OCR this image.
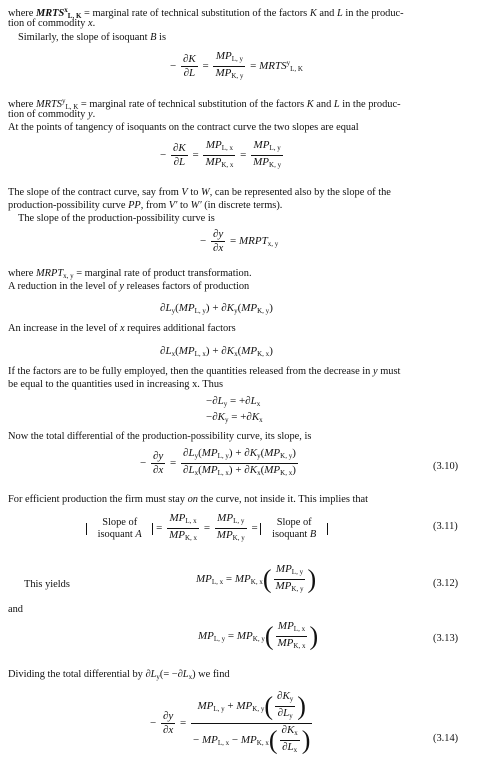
where $MRTS^x_{L, K}$ = marginal rate of technical substitution of the factors K and L in the produc-
tion of commodity x.
Similarly, the slope of isoquant B is
− $\frac{\partial K}{\partial L} = \frac{MP_{L, y}}{MP_{K, y}}$ = $MRTS^y_{L, K}$
where $MRTS^y_{L, K}$ = marginal rate of technical substitution of the factors K and L in the produc-
tion of commodity y.
At the points of tangency of isoquants on the contract curve the two slopes are equal
− $\frac{\partial K}{\partial L} = \frac{MP_{L, x}}{MP_{K, x}} = \frac{MP_{L, y}}{MP_{K, y}}$
The slope of the contract curve, say from V to W, can be represented also by the slope of the
production-possibility curve PP, from V′ to W′ (in discrete terms).
The slope of the production-possibility curve is
− $\frac{\partial y}{\partial x}$ = $MRPT_{x, y}$
where $MRPT_{x, y}$ = marginal rate of product transformation.
A reduction in the level of y releases factors of production
$\partial L_y(MP_{L, y}) + \partial K_y(MP_{K, y})$
An increase in the level of x requires additional factors
$\partial L_x(MP_{L, x}) + \partial K_x(MP_{K, x})$
If the factors are to be fully employed, then the quantities released from the decrease in y must
be equal to the quantities used in increasing x. Thus
$-\partial L_y = +\partial L_x$
$-\partial K_y = +\partial K_x$
Now the total differential of the production-possibility curve, its slope, is
− $\frac{\partial y}{\partial x} = \frac{\partial L_y(MP_{L, y}) + \partial K_y(MP_{K, y})}{\partial L_x(MP_{L, x}) + \partial K_x(MP_{K, x})}$	(3.10)
For efficient production the firm must stay on the curve, not inside it. This implies that
Slope of
isoquant $A = \frac{MP_{L, x}}{MP_{K, x}} = \frac{MP_{L, y}}{MP_{K, y}}$ =  Slope of
isoquant B
(3.11)
This yields	$MP_{L, x} = MP_{K, x}( \frac{MP_{L, y}}{MP_{K, y}}$ )	(3.12)
and
$MP_{L, y} = MP_{K, y}( \frac{MP_{L, x}}{MP_{K, x}}$ )	(3.13)
Dividing the total differential by $\partial L_y(= -\partial L_x)$ we find
− $\frac{\partial y}{\partial x} = \frac{MP_{L, y} + MP_{K, y}( \frac{\partial K_y}{\partial L_y} )}{- MP_{L, x} - MP_{K, x}( \frac{\partial K_x}{\partial L_x} )}$	(3.14)
